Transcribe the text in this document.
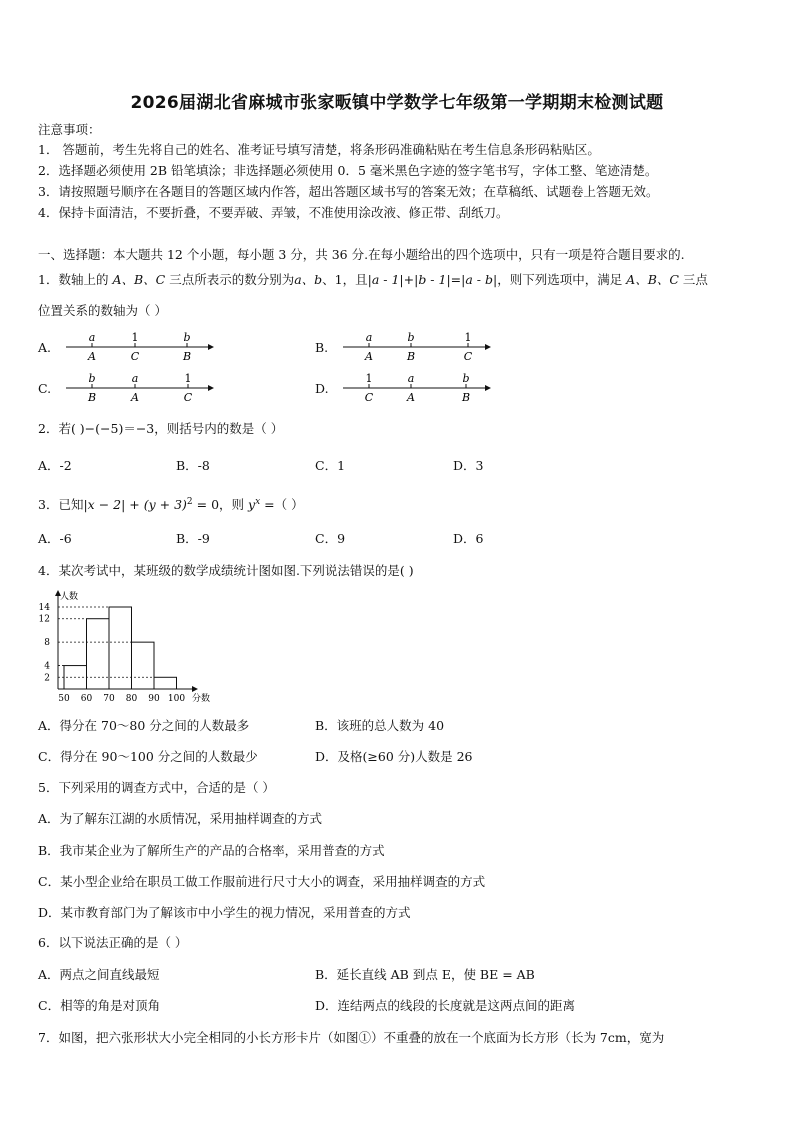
2026届湖北省麻城市张家畈镇中学数学七年级第一学期期末检测试题
注意事项：
1． 答题前，考生先将自己的姓名、准考证号填写清楚，将条形码准确粘贴在考生信息条形码粘贴区。
2．选择题必须使用 2B 铅笔填涂；非选择题必须使用 0．5 毫米黑色字迹的签字笔书写，字体工整、笔迹清楚。
3．请按照题号顺序在各题目的答题区域内作答，超出答题区域书写的答案无效；在草稿纸、试题卷上答题无效。
4．保持卡面清洁，不要折叠，不要弄破、弄皱，不准使用涂改液、修正带、刮纸刀。
一、选择题：本大题共 12 个小题，每小题 3 分，共 36 分.在每小题给出的四个选项中，只有一项是符合题目要求的.
1．数轴上的 A、B、C 三点所表示的数分别为a、b、1，且|a - 1|+|b - 1|=|a - b|，则下列选项中，满足 A、B、C 三点
位置关系的数轴为（ ）
A.
a	1	b
A	C	B
B.
a	b	1
A	B	C
C.
b	a	1
B	A	C
D.
1	a	b
C	A	B
2．若( )−(−5)＝−3，则括号内的数是（ ）
A．-2	B．-8	C．1	D．3
3．已知$|x - 2| + (y + 3)^2 = 0$，则 $y^x$ =（ ）
A．-6	B．-9	C．9	D．6
4．某次考试中，某班级的数学成绩统计图如图.下列说法错误的是( )
人数
分数
2
4
8
12
14
50 60 70 80 90 100
A．得分在 70～80 分之间的人数最多	B．该班的总人数为 40
C．得分在 90～100 分之间的人数最少	D．及格(≥60 分)人数是 26
5．下列采用的调查方式中，合适的是（ ）
A．为了解东江湖的水质情况，采用抽样调查的方式
B．我市某企业为了解所生产的产品的合格率，采用普查的方式
C．某小型企业给在职员工做工作服前进行尺寸大小的调查，采用抽样调查的方式
D．某市教育部门为了解该市中小学生的视力情况，采用普查的方式
6．以下说法正确的是（ ）
A．两点之间直线最短	B．延长直线 AB 到点 E，使 BE = AB
C．相等的角是对顶角	D．连结两点的线段的长度就是这两点间的距离
7．如图，把六张形状大小完全相同的小长方形卡片（如图①）不重叠的放在一个底面为长方形（长为 7cm，宽为
